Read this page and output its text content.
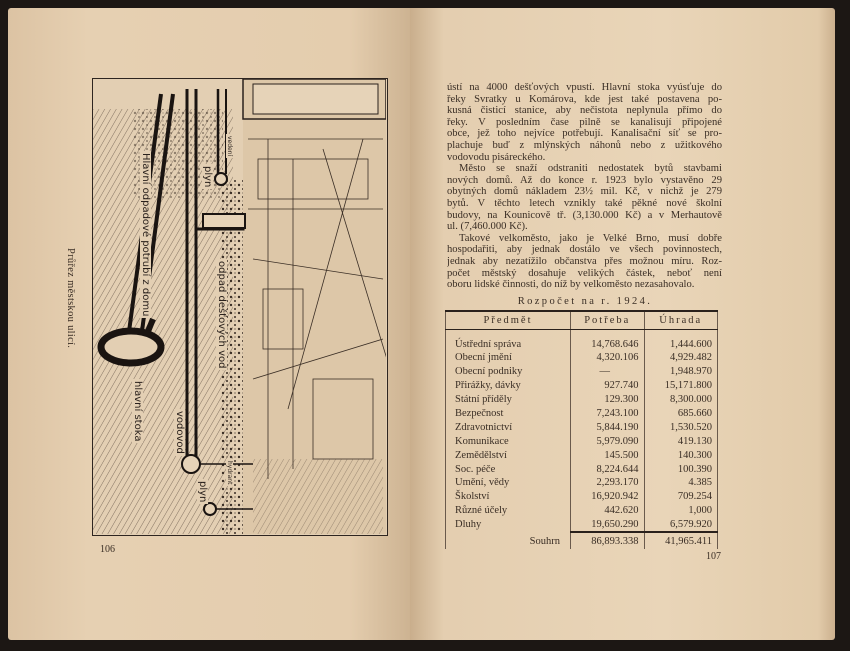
Průřez městskou ulicí.	Hlavní odpadové potrubí z domu	plyn
vedení
odpad dešťových vod
hlavní stoka	vodovod
hydrant
plyn
106
ústí na 4000 dešťových vpustí. Hlavní stoka vyúsťuje do
řeky Svratky u Komárova, kde jest také postavena po-
kusná čisticí stanice, aby nečistota neplynula přímo do
řeky. V posledním čase pilně se kanalisují připojené
obce, jež toho nejvíce potřebují. Kanalisační síť se pro-
plachuje buď z mlýnských náhonů nebo z užitkového
vodovodu pisáreckého.
Město se snaží odstraniti nedostatek bytů stavbami
nových domů. Až do konce r. 1923 bylo vystavěno 29
obytných domů nákladem 23½ mil. Kč, v nichž je 279
bytů. V těchto letech vznikly také pěkné nové školní
budovy, na Kounicově tř. (3,130.000 Kč) a v Merhautově
ul. (7,460.000 Kč).
Takové velkoměsto, jako je Velké Brno, musí dobře
hospodařiti, aby jednak dostálo ve všech povinnostech,
jednak aby nezatížilo občanstva přes možnou míru. Roz-
počet městský dosahuje velikých částek, neboť není
oboru lidské činnosti, do níž by velkoměsto nezasahovalo.
Rozpočet na r. 1924.
Předmět	Potřeba	Úhrada
Ústřední správa	14,768.646	1,444.600
Obecní jmění	4,320.106	4,929.482
Obecní podniky	—	1,948.970
Přirážky, dávky	927.740	15,171.800
Státní příděly	129.300	8,300.000
Bezpečnost	7,243.100	685.660
Zdravotnictví	5,844.190	1,530.520
Komunikace	5,979.090	419.130
Zemědělství	145.500	140.300
Soc. péče	8,224.644	100.390
Umění, vědy	2,293.170	4.385
Školství	16,920.942	709.254
Různé účely	442.620	1,000
Dluhy	19,650.290	6,579.920
Souhrn	86,893.338	41,965.411
107
